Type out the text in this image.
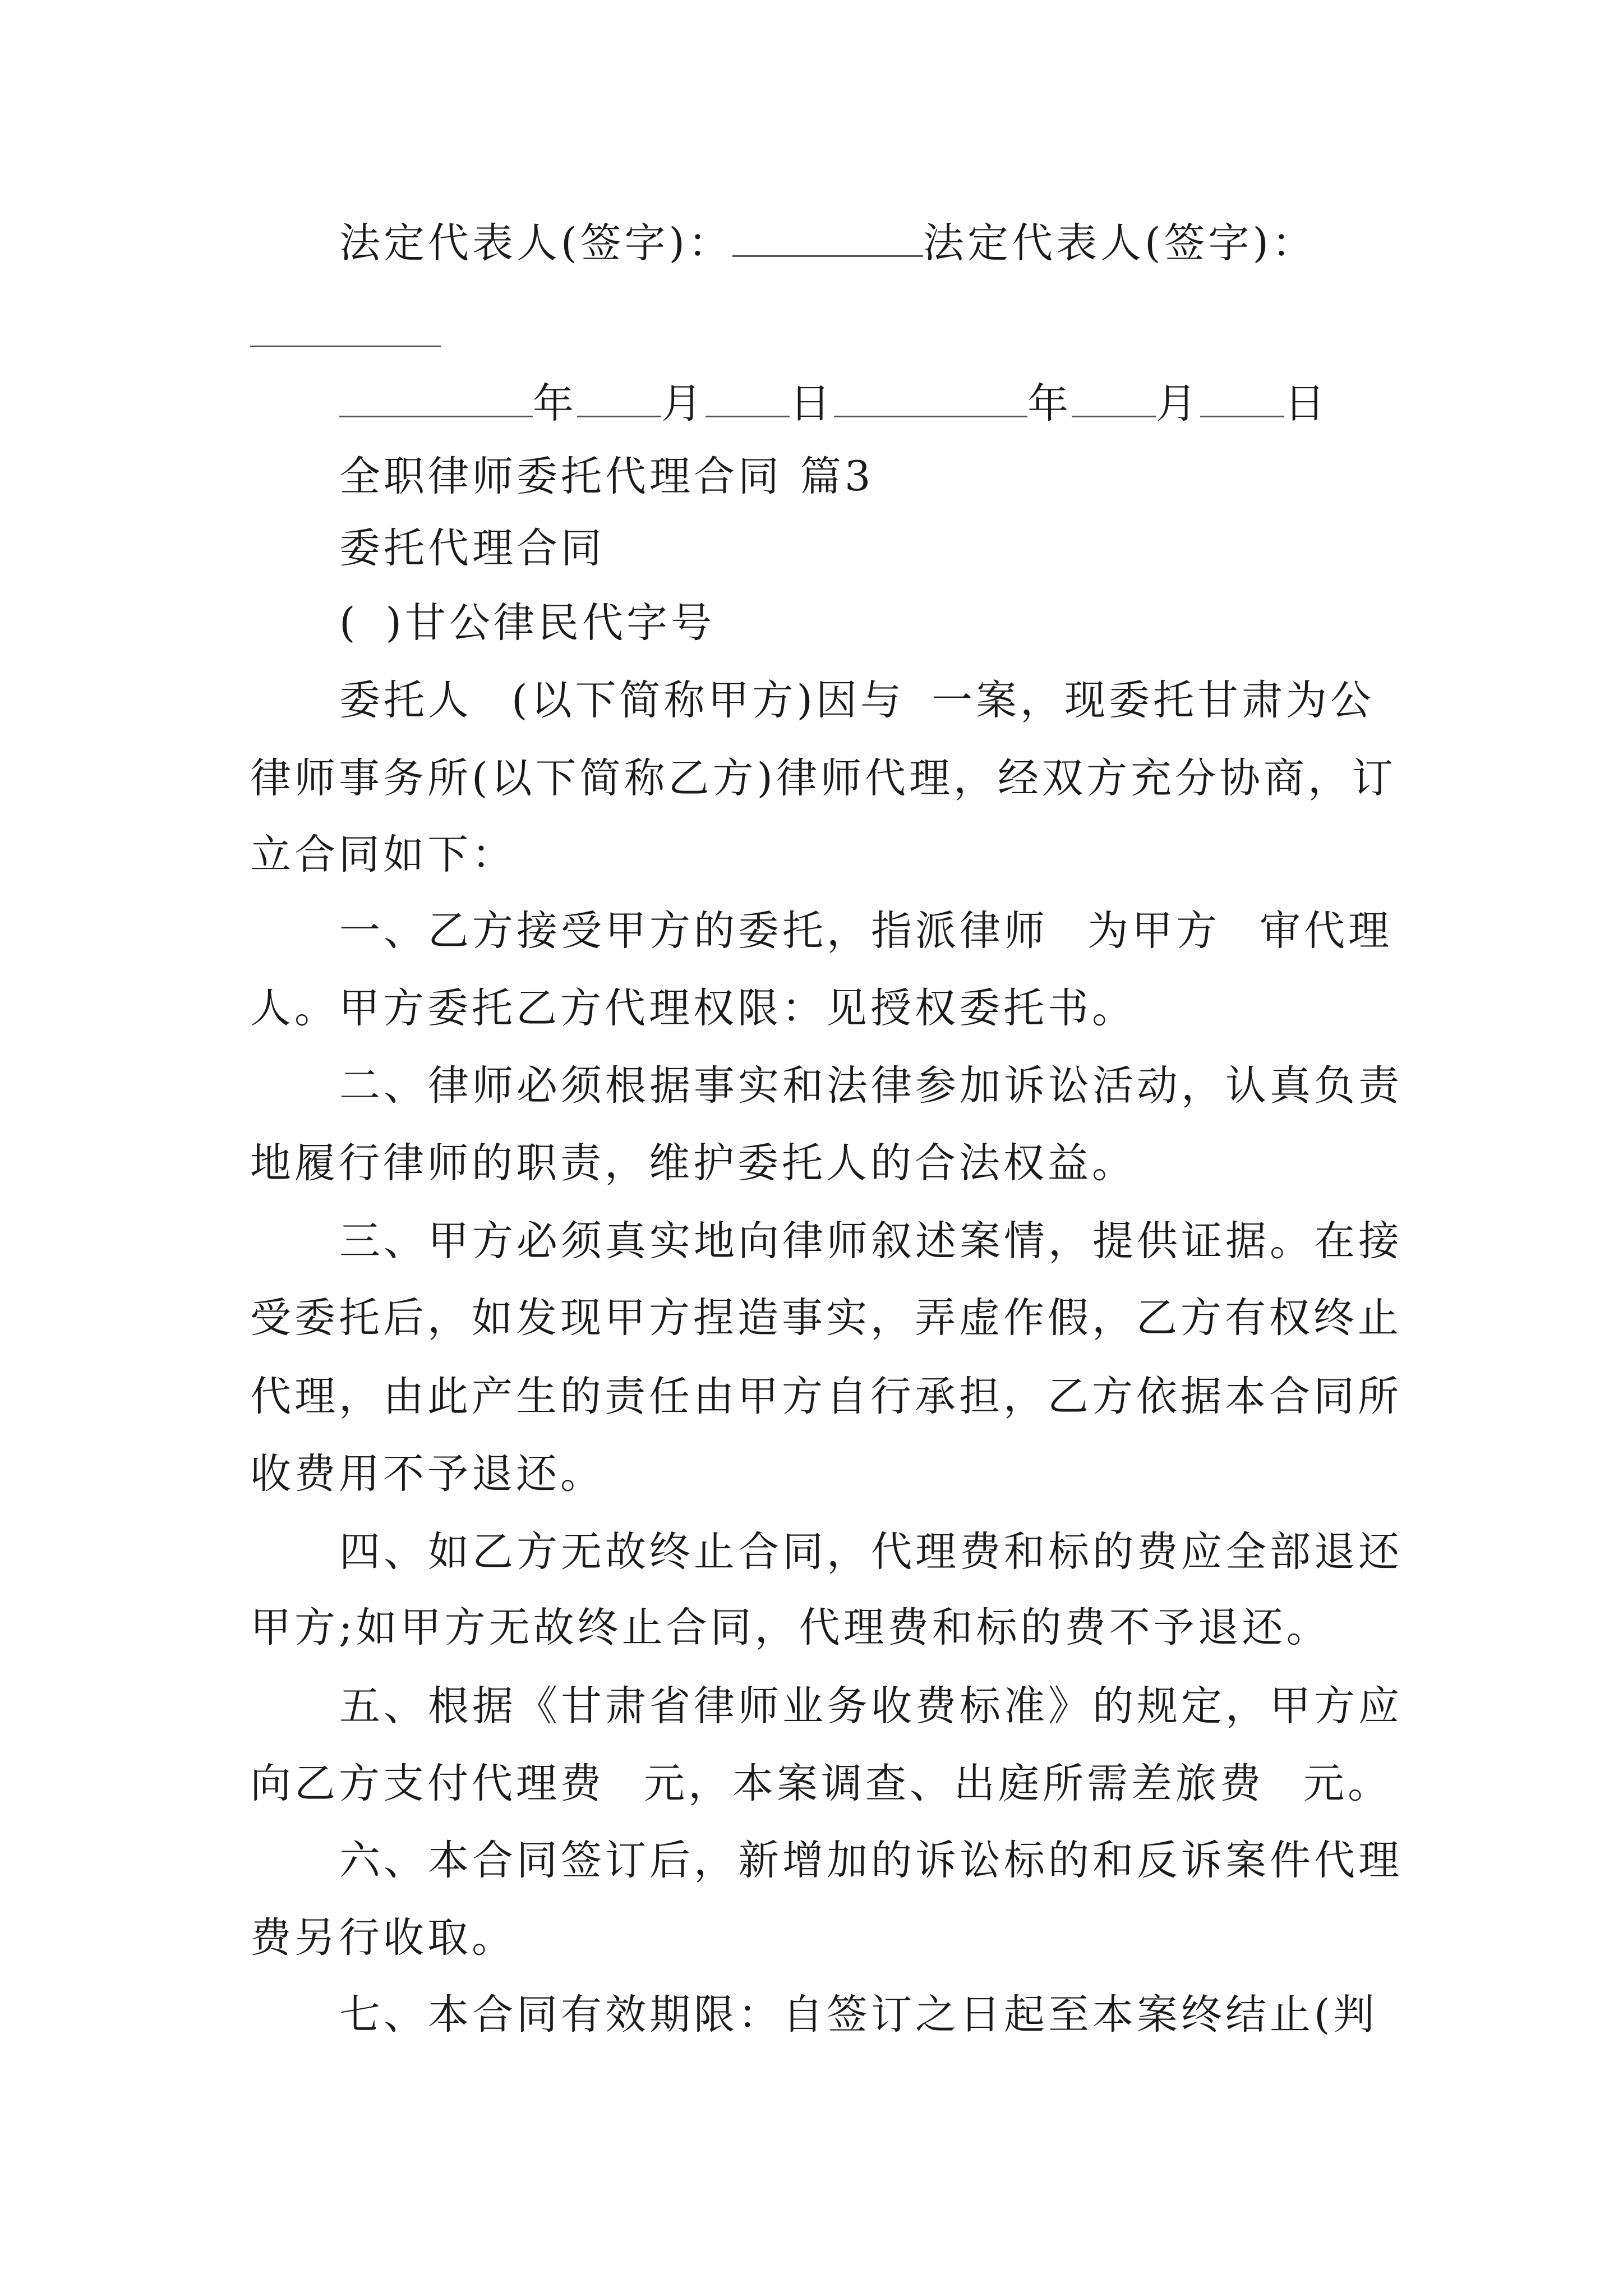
法定代表人(签字)：	法定代表人(签字)：
年 月 日	年 月 日
全职律师委托代理合同 篇3
委托代理合同
( )甘公律民代字号
委托人 (以下简称甲方)因与 一案，现委托甘肃为公
律师事务所(以下简称乙方)律师代理，经双方充分协商，订
立合同如下：
一、乙方接受甲方的委托，指派律师 为甲方 审代理
人。甲方委托乙方代理权限：见授权委托书。
二、律师必须根据事实和法律参加诉讼活动，认真负责
地履行律师的职责，维护委托人的合法权益。
三、甲方必须真实地向律师叙述案情，提供证据。在接
受委托后，如发现甲方捏造事实，弄虚作假，乙方有权终止
代理，由此产生的责任由甲方自行承担，乙方依据本合同所
收费用不予退还。
四、如乙方无故终止合同，代理费和标的费应全部退还
甲方;如甲方无故终止合同，代理费和标的费不予退还。
五、根据《甘肃省律师业务收费标准》的规定，甲方应
向乙方支付代理费 元，本案调查、出庭所需差旅费 元。
六、本合同签订后，新增加的诉讼标的和反诉案件代理
费另行收取。
七、本合同有效期限：自签订之日起至本案终结止(判
